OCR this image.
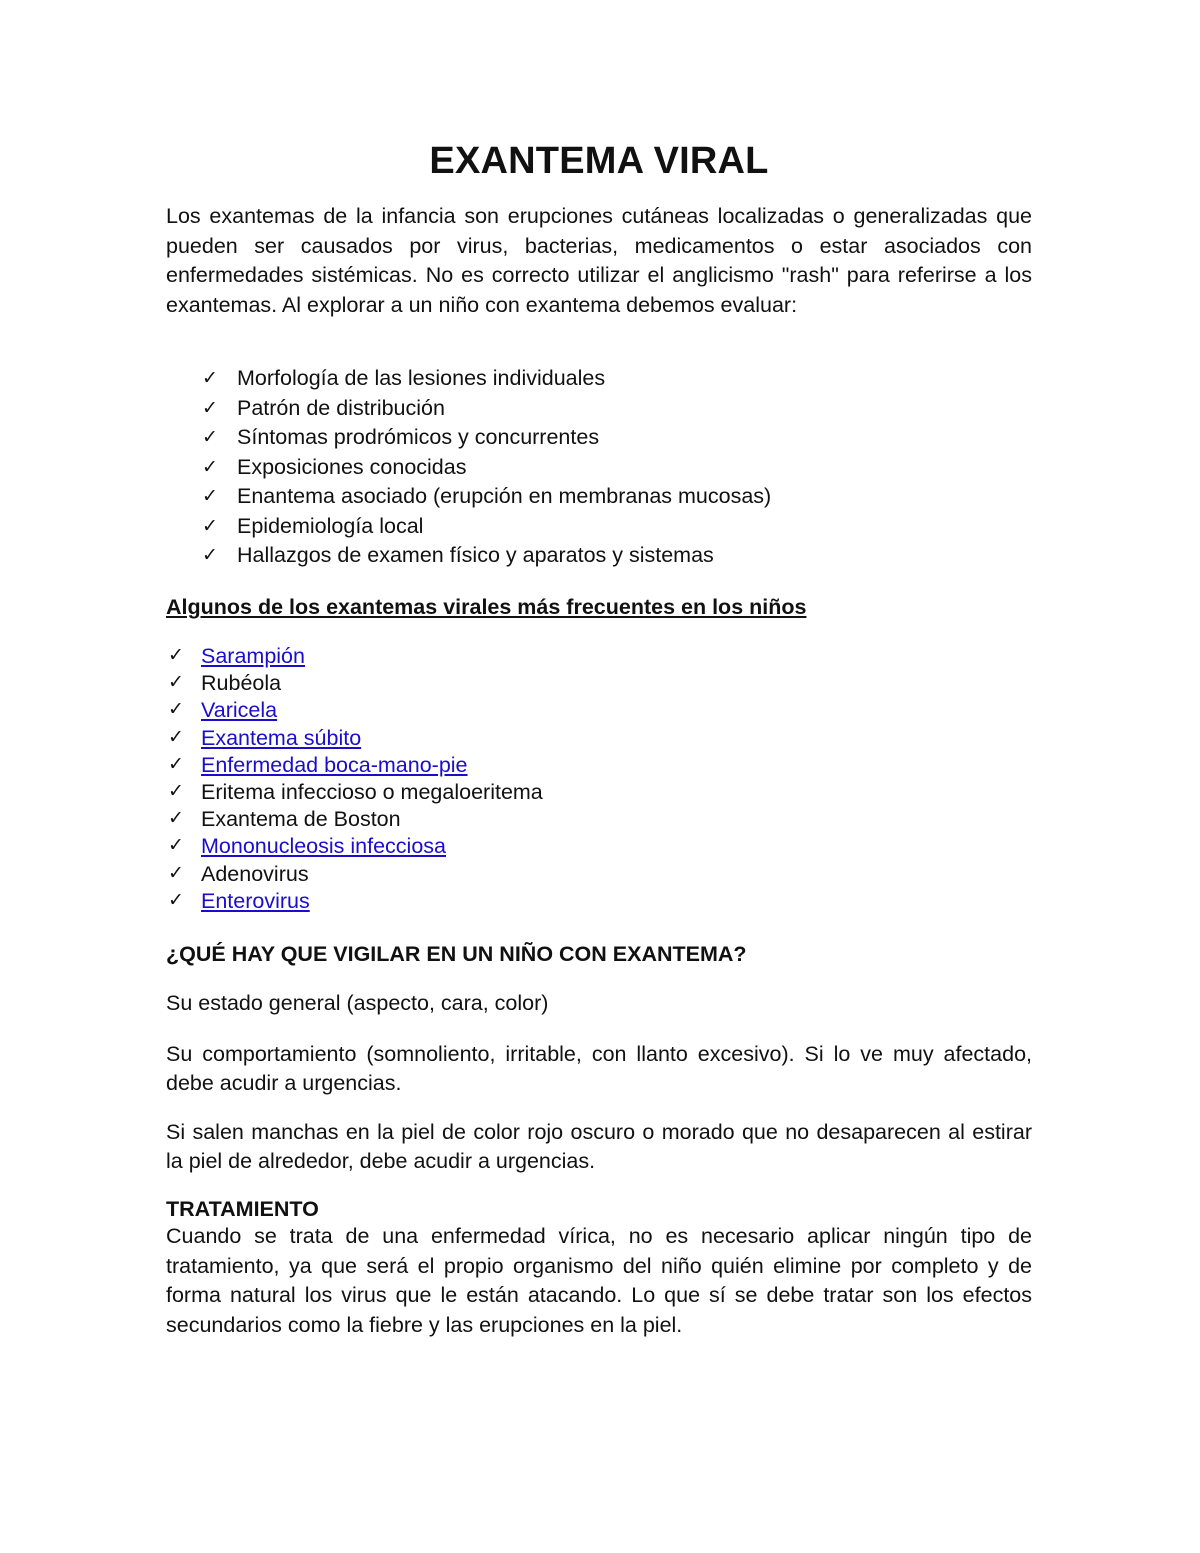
EXANTEMA VIRAL

Los exantemas de la infancia son erupciones cutáneas localizadas o generalizadas que pueden ser causados por virus, bacterias, medicamentos o estar asociados con enfermedades sistémicas. No es correcto utilizar el anglicismo "rash" para referirse a los exantemas. Al explorar a un niño con exantema debemos evaluar:

✓ Morfología de las lesiones individuales
✓ Patrón de distribución
✓ Síntomas prodrómicos y concurrentes
✓ Exposiciones conocidas
✓ Enantema asociado (erupción en membranas mucosas)
✓ Epidemiología local
✓ Hallazgos de examen físico y aparatos y sistemas
Algunos de los exantemas virales más frecuentes en los niños
✓ Sarampión
✓ Rubéola
✓ Varicela
✓ Exantema súbito
✓ Enfermedad boca-mano-pie
✓ Eritema infeccioso o megaloeritema
✓ Exantema de Boston
✓ Mononucleosis infecciosa
✓ Adenovirus
✓ Enterovirus
¿QUÉ HAY QUE VIGILAR EN UN NIÑO CON EXANTEMA?

Su estado general (aspecto, cara, color)

Su comportamiento (somnoliento, irritable, con llanto excesivo). Si lo ve muy afectado, debe acudir a urgencias.

Si salen manchas en la piel de color rojo oscuro o morado que no desaparecen al estirar la piel de alrededor, debe acudir a urgencias.

TRATAMIENTO

Cuando se trata de una enfermedad vírica, no es necesario aplicar ningún tipo de tratamiento, ya que será el propio organismo del niño quién elimine por completo y de forma natural los virus que le están atacando. Lo que sí se debe tratar son los efectos secundarios como la fiebre y las erupciones en la piel.
